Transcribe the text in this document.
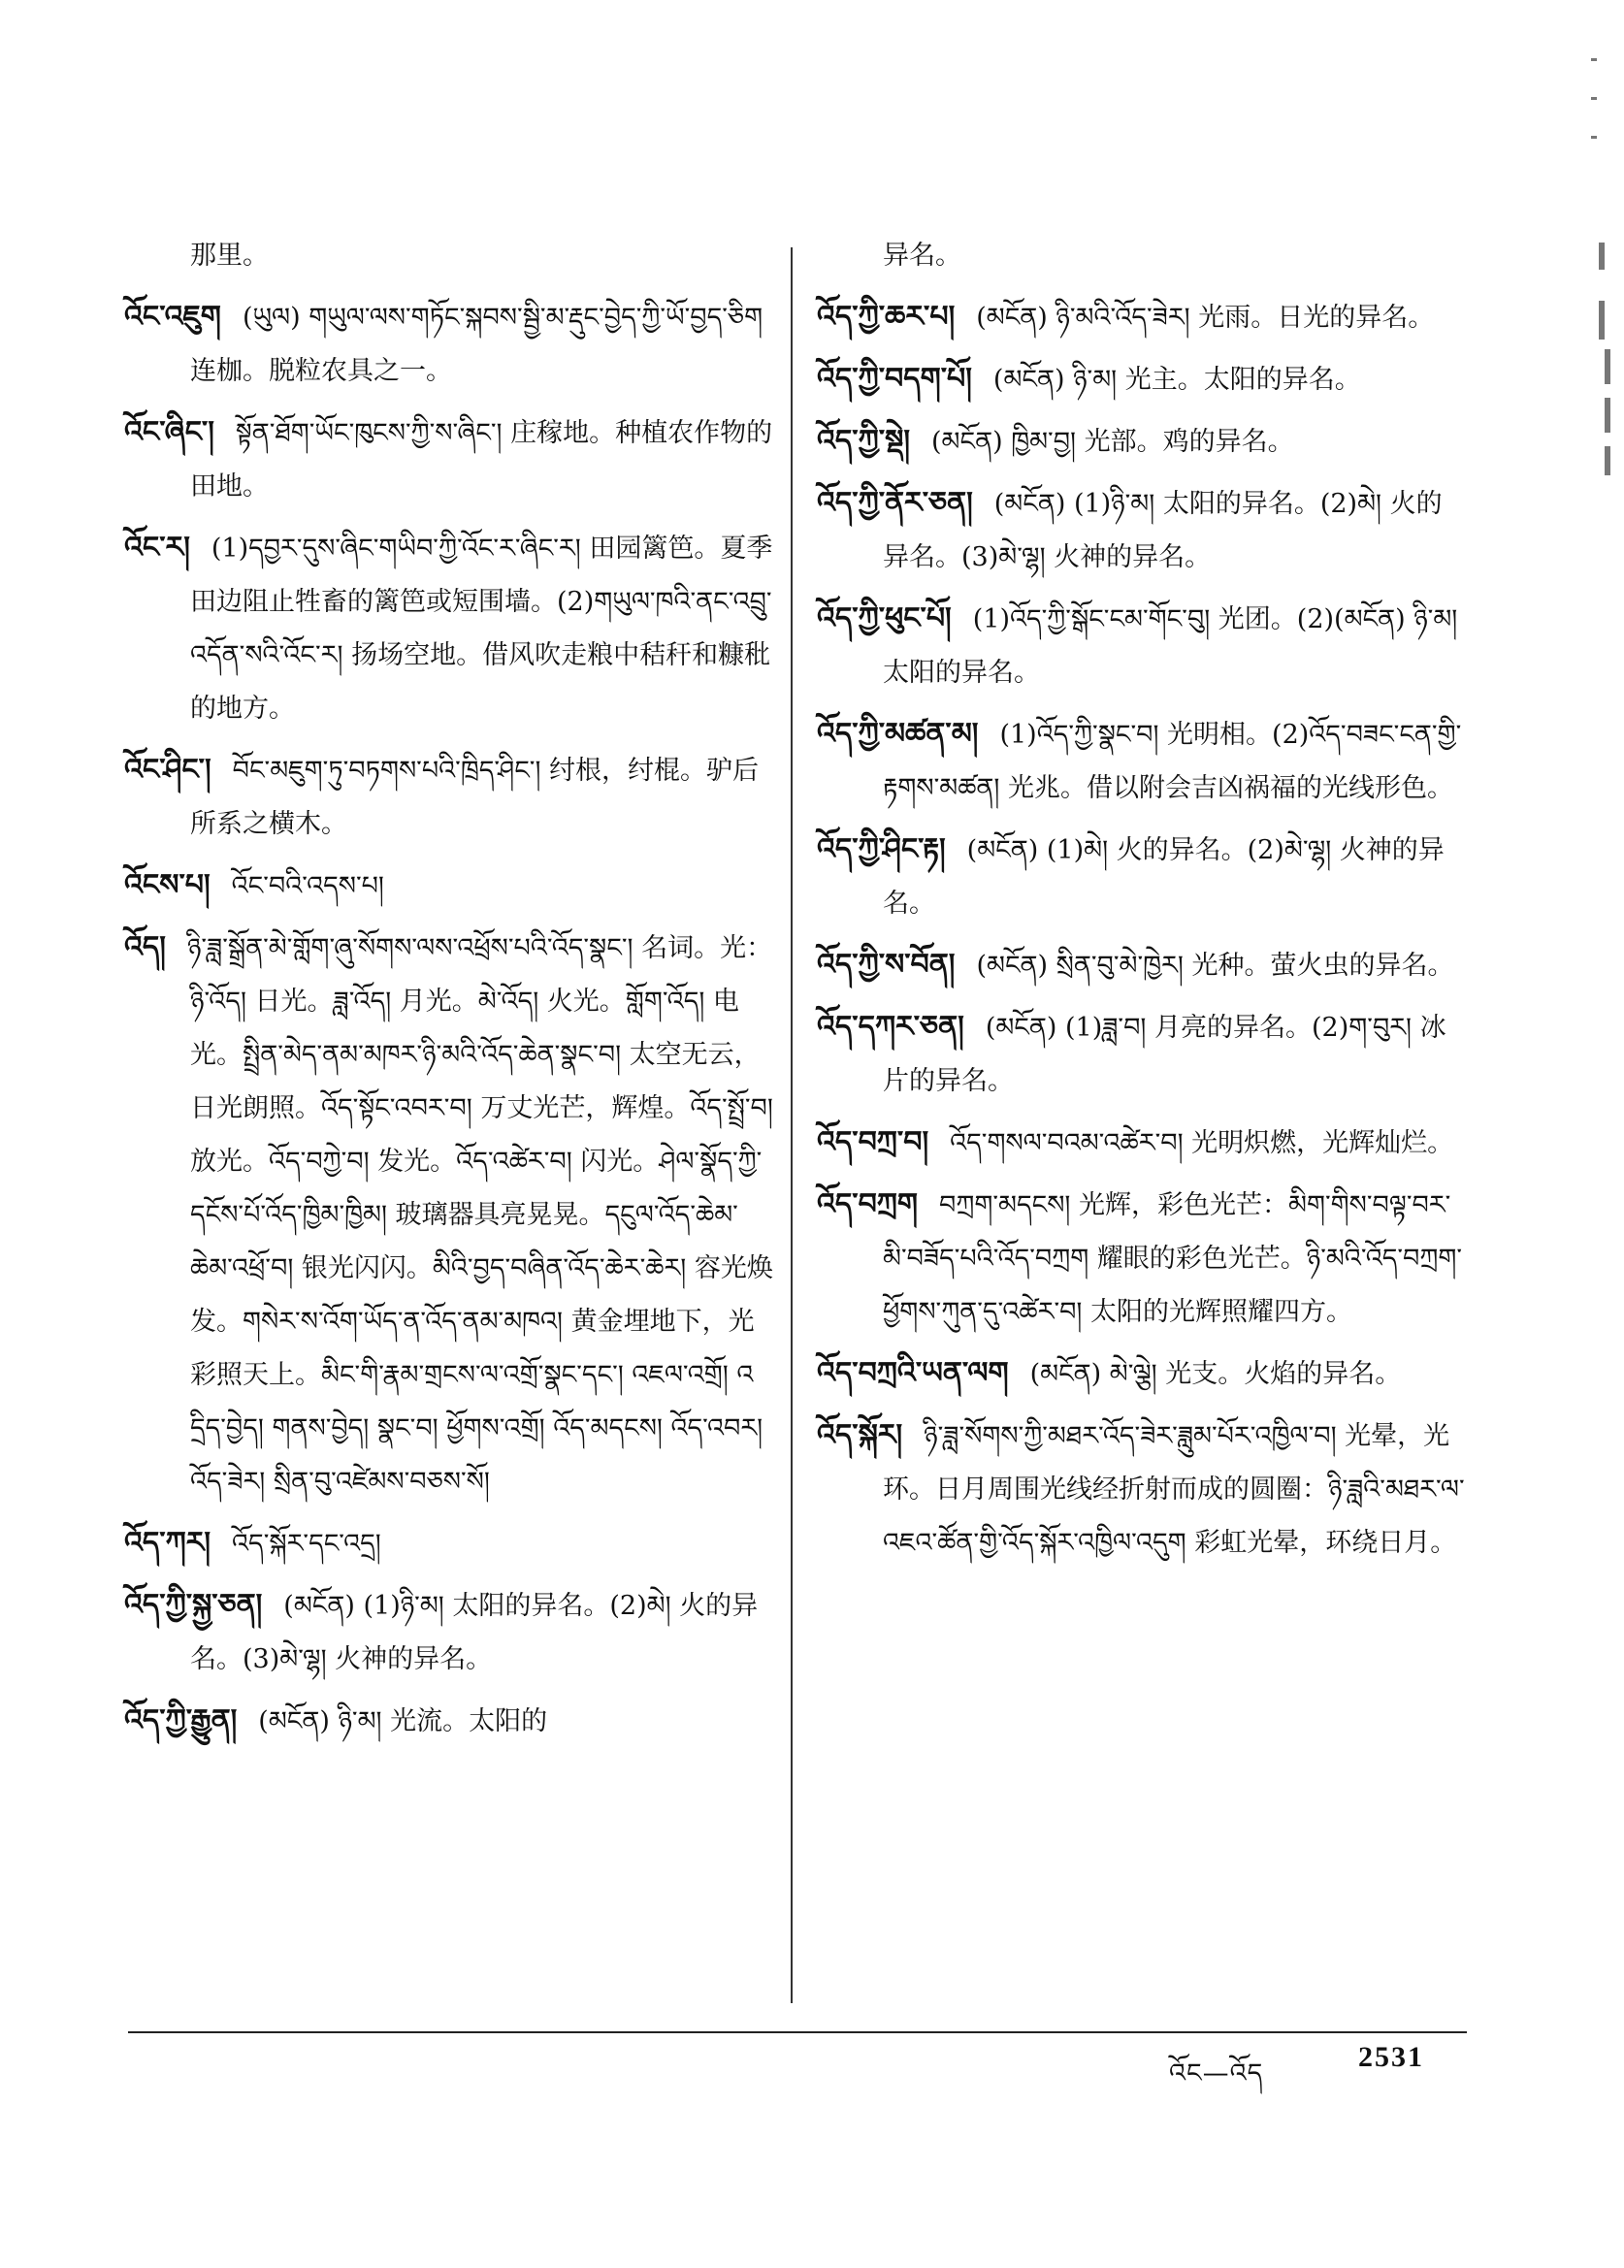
那里。
འོང་འཇུག (ཡུལ) གཡུལ་ལས་གཏོང་སྐབས་སྦྱི་མ་རྡུང་བྱེད་ཀྱི་ཡོ་བྱད་ཅིག 连枷。脱粒农具之一。
འོང་ཞིང་། སྟོན་ཐོག་ཡོང་ཁུངས་ཀྱི་ས་ཞིང་། 庄稼地。种植农作物的田地。
འོང་ར། (1)དབྱར་དུས་ཞིང་གཡིབ་ཀྱི་འོང་ར་ཞིང་ར། 田园篱笆。夏季田边阻止牲畜的篱笆或短围墙。(2)གཡུལ་ཁའི་ནང་འབྲུ་འདོན་སའི་འོང་ར། 扬场空地。借风吹走粮中秸秆和糠秕的地方。
འོང་ཤིང་། བོང་མཇུག་ཏུ་བཏགས་པའི་ཁྲིད་ཤིང་། 纣根，纣棍。驴后所系之横木。
འོངས་པ། འོང་བའི་འདས་པ།
འོད། ཉི་ཟླ་སྒྲོན་མེ་གློག་ཞུ་སོགས་ལས་འཕྲོས་པའི་འོད་སྣང་། 名词。光：ཉི་འོད། 日光。ཟླ་འོད། 月光。མེ་འོད། 火光。གློག་འོད། 电光。སྤྲིན་མེད་ནམ་མཁར་ཉི་མའི་འོད་ཆེན་སྣང་བ། 太空无云，日光朗照。འོད་སྟོང་འབར་བ། 万丈光芒，辉煌。འོད་སྤྲོ་བ། 放光。འོད་བཀྱེ་བ། 发光。འོད་འཚེར་བ། 闪光。ཤེལ་སྣོད་ཀྱི་དངོས་པོ་འོད་ཁྱིམ་ཁྱིམ། 玻璃器具亮晃晃。དངུལ་འོད་ཆེམ་ཆེམ་འཕྲོ་བ། 银光闪闪。མིའི་བྱད་བཞིན་འོད་ཆེར་ཆེར། 容光焕发。གསེར་ས་འོག་ཡོད་ན་འོད་ནམ་མཁའ། 黄金埋地下，光彩照天上。མིང་གི་རྣམ་གྲངས་ལ་འགྲོ་སྣང་དང་། འཇལ་འགྲོ། འདྲིད་བྱེད། གནས་བྱེད། སྣང་བ། ཕྱོགས་འགྲོ། འོད་མདངས། འོད་འབར། འོད་ཟེར། སྲིན་བུ་འཛེམས་བཅས་སོ།
འོད་ཀར། འོད་སྐོར་དང་འདྲ།
འོད་ཀྱི་སྐྱ་ཅན། (མངོན) (1)ཉི་མ། 太阳的异名。(2)མེ། 火的异名。(3)མེ་ལྷ། 火神的异名。
འོད་ཀྱི་རྒྱུན། (མངོན) ཉི་མ། 光流。太阳的
异名。
འོད་ཀྱི་ཆར་པ། (མངོན) ཉི་མའི་འོད་ཟེར། 光雨。日光的异名。
འོད་ཀྱི་བདག་པོ། (མངོན) ཉི་མ། 光主。太阳的异名。
འོད་ཀྱི་སྡེ། (མངོན) ཁྱིམ་བྱ། 光部。鸡的异名。
འོད་ཀྱི་ནོར་ཅན། (མངོན) (1)ཉི་མ། 太阳的异名。(2)མེ། 火的异名。(3)མེ་ལྷ། 火神的异名。
འོད་ཀྱི་ཕུང་པོ། (1)འོད་ཀྱི་སྒོང་ངམ་གོང་བུ། 光团。(2)(མངོན) ཉི་མ། 太阳的异名。
འོད་ཀྱི་མཚན་མ། (1)འོད་ཀྱི་སྣང་བ། 光明相。(2)འོད་བཟང་ངན་གྱི་རྟགས་མཚན། 光兆。借以附会吉凶祸福的光线形色。
འོད་ཀྱི་ཤིང་རྟ། (མངོན) (1)མེ། 火的异名。(2)མེ་ལྷ། 火神的异名。
འོད་ཀྱི་ས་བོན། (མངོན) སྲིན་བུ་མེ་ཁྱེར། 光种。萤火虫的异名。
འོད་དཀར་ཅན། (མངོན) (1)ཟླ་བ། 月亮的异名。(2)ག་བུར། 冰片的异名。
འོད་བཀྲ་བ། འོད་གསལ་བའམ་འཚེར་བ། 光明炽燃，光辉灿烂。
འོད་བཀྲག བཀྲག་མདངས། 光辉，彩色光芒：མིག་གིས་བལྟ་བར་མི་བཟོད་པའི་འོད་བཀྲག 耀眼的彩色光芒。ཉི་མའི་འོད་བཀྲག་ཕྱོགས་ཀུན་དུ་འཚེར་བ། 太阳的光辉照耀四方。
འོད་བཀྲའི་ཡན་ལག (མངོན) མེ་ལྕེ། 光支。火焰的异名。
འོད་སྐོར། ཉི་ཟླ་སོགས་ཀྱི་མཐར་འོད་ཟེར་ཟླུམ་པོར་འཁྱིལ་བ། 光晕，光环。日月周围光线经折射而成的圆圈：ཉི་ཟླའི་མཐར་ལ་འཇའ་ཚོན་གྱི་འོད་སྐོར་འཁྱིལ་འདུག 彩虹光晕，环绕日月。
འོང—འོད
2531
